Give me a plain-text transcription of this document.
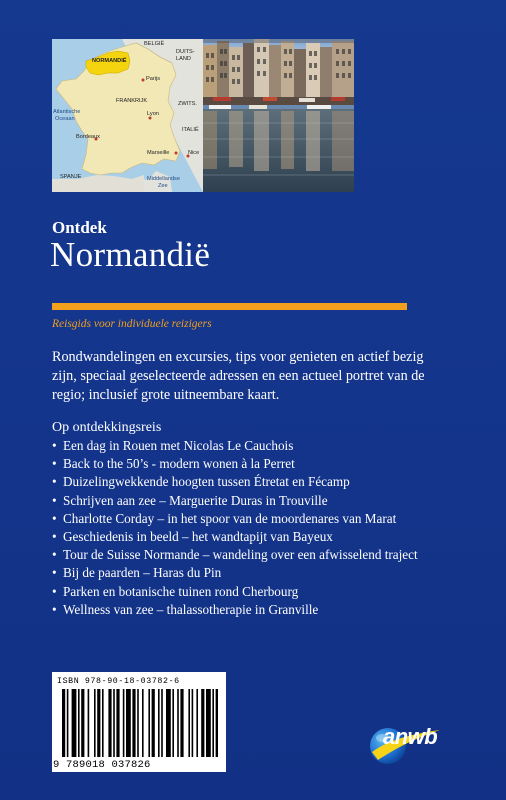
BELGIË
NORMANDIË
DUITS-
LAND
Parijs
FRANKRIJK	ZWITS.
Atlantische
Oceaan
Lyon
ITALIË
Bordeaux
Marseille	Nice
SPANJE	Middellandse
Zee
Ontdek
Normandië
Reisgids voor individuele reizigers
Rondwandelingen en excursies, tips voor genieten en actief bezig zijn, speciaal geselecteerde adressen en een actueel portret van de regio; inclusief grote uitneembare kaart.
Op ontdekkingsreis
• Een dag in Rouen met Nicolas Le Cauchois
• Back to the 50’s - modern wonen à la Perret
• Duizelingwekkende hoogten tussen Étretat en Fécamp
• Schrijven aan zee – Marguerite Duras in Trouville
• Charlotte Corday – in het spoor van de moordenares van Marat
• Geschiedenis in beeld – het wandtapijt van Bayeux
• Tour de Suisse Normande – wandeling over een afwisselend traject
• Bij de paarden – Haras du Pin
• Parken en botanische tuinen rond Cherbourg
• Wellness van zee – thalassotherapie in Granville
ISBN 978-90-18-03782-6
9 789018 037826
anwb
